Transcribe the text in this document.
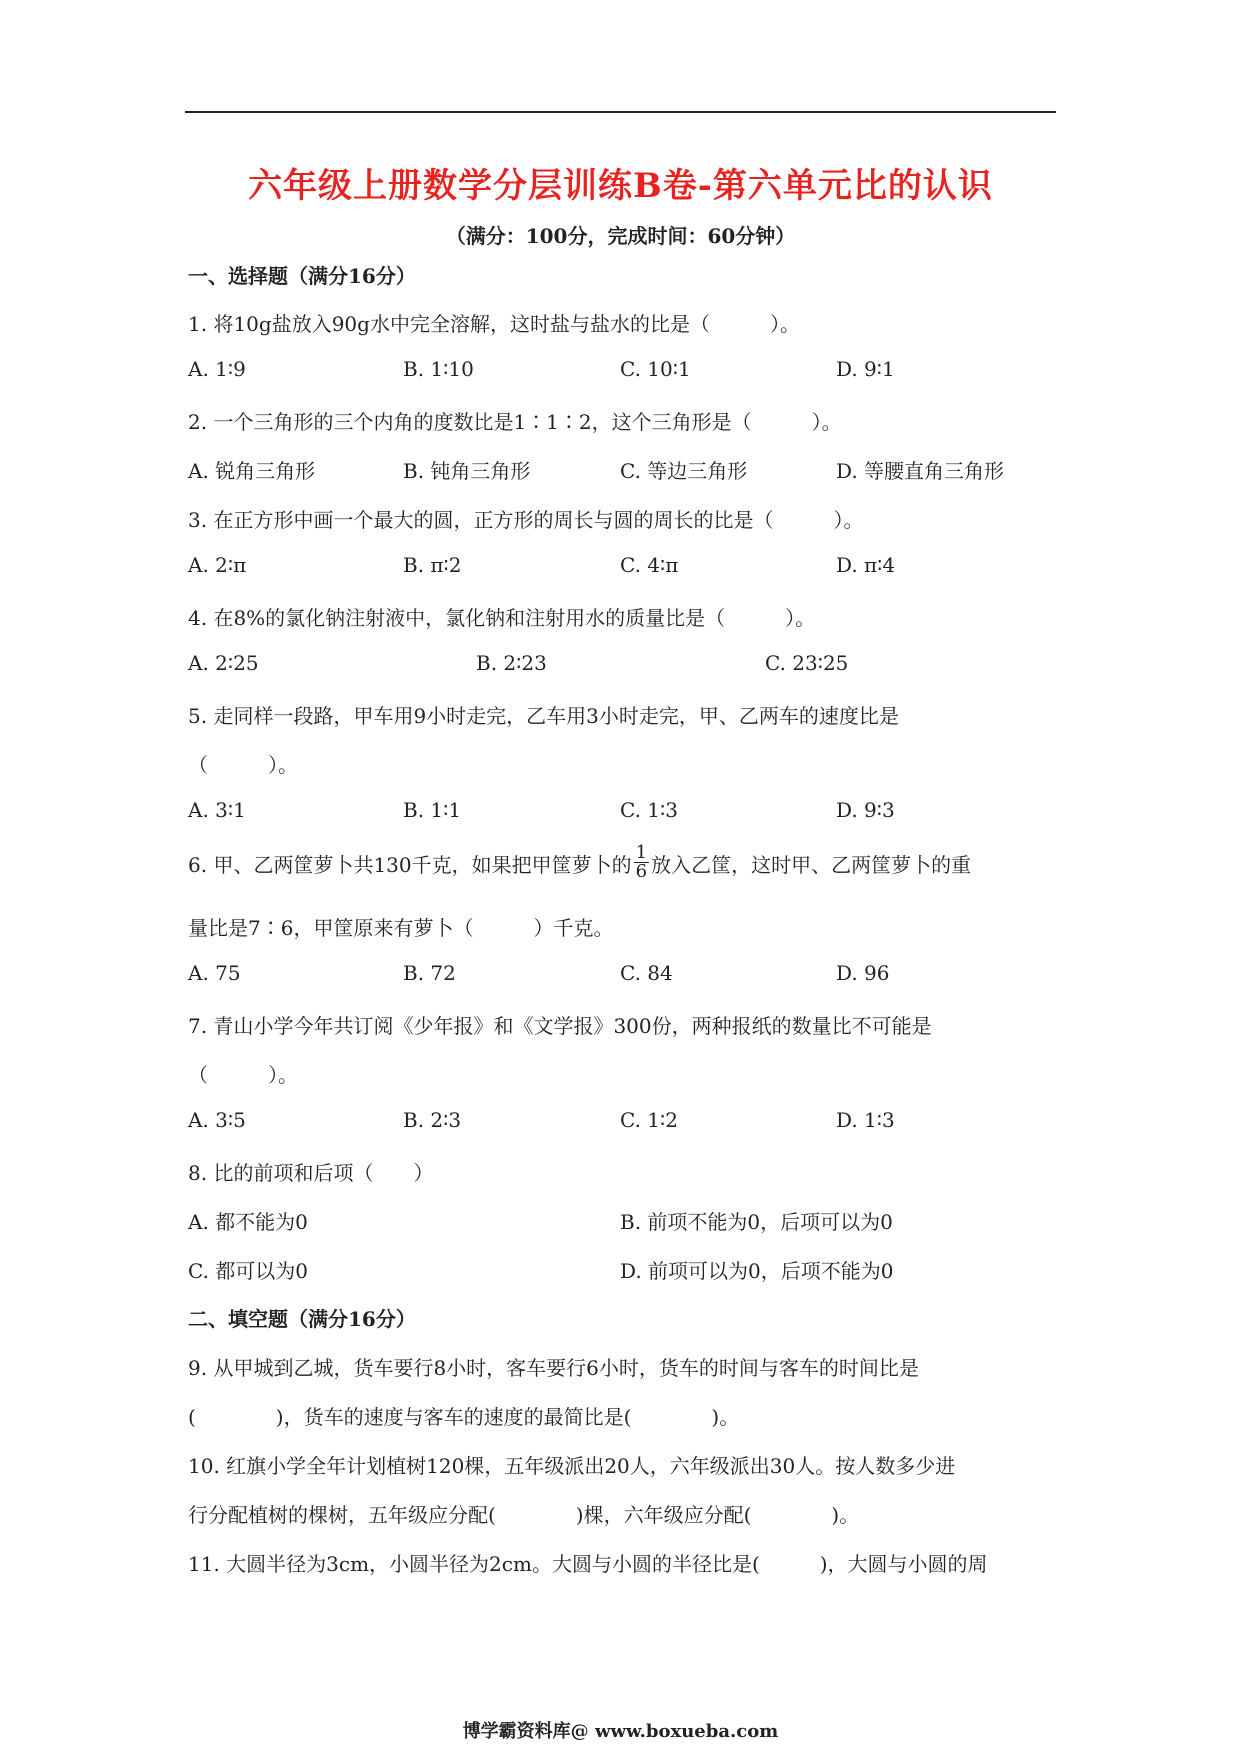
六年级上册数学分层训练B卷-第六单元比的认识
（满分：100分，完成时间：60分钟）
一、选择题（满分16分）
1. 将10g盐放入90g水中完全溶解，这时盐与盐水的比是（　　　）。
A. 1∶9	B. 1∶10	C. 10∶1	D. 9∶1
2. 一个三角形的三个内角的度数比是1∶1∶2，这个三角形是（　　　）。
A. 锐角三角形	B. 钝角三角形	C. 等边三角形	D. 等腰直角三角形
3. 在正方形中画一个最大的圆，正方形的周长与圆的周长的比是（　　　）。
A. 2∶π	B. π∶2	C. 4∶π	D. π∶4
4. 在8%的氯化钠注射液中，氯化钠和注射用水的质量比是（　　　）。
A. 2∶25	B. 2∶23	C. 23∶25
5. 走同样一段路，甲车用9小时走完，乙车用3小时走完，甲、乙两车的速度比是
（　　　）。
A. 3∶1	B. 1∶1	C. 1∶3	D. 9∶3
6. 甲、乙两筐萝卜共130千克，如果把甲筐萝卜的 $\frac{1}{6}$ 放入乙筐，这时甲、乙两筐萝卜的重
量比是7∶6，甲筐原来有萝卜（　　　）千克。
A. 75	B. 72	C. 84	D. 96
7. 青山小学今年共订阅《少年报》和《文学报》300份，两种报纸的数量比不可能是
（　　　）。
A. 3∶5	B. 2∶3	C. 1∶2	D. 1∶3
8. 比的前项和后项（　　）
A. 都不能为0	B. 前项不能为0，后项可以为0
C. 都可以为0	D. 前项可以为0，后项不能为0
二、填空题（满分16分）
9. 从甲城到乙城，货车要行8小时，客车要行6小时，货车的时间与客车的时间比是
(　　　　)，货车的速度与客车的速度的最简比是(　　　　)。
10. 红旗小学全年计划植树120棵，五年级派出20人，六年级派出30人。按人数多少进
行分配植树的棵树，五年级应分配(　　　　)棵，六年级应分配(　　　　)。
11. 大圆半径为3cm，小圆半径为2cm。大圆与小圆的半径比是(　　　)，大圆与小圆的周
博学霸资料库@ www.boxueba.com
